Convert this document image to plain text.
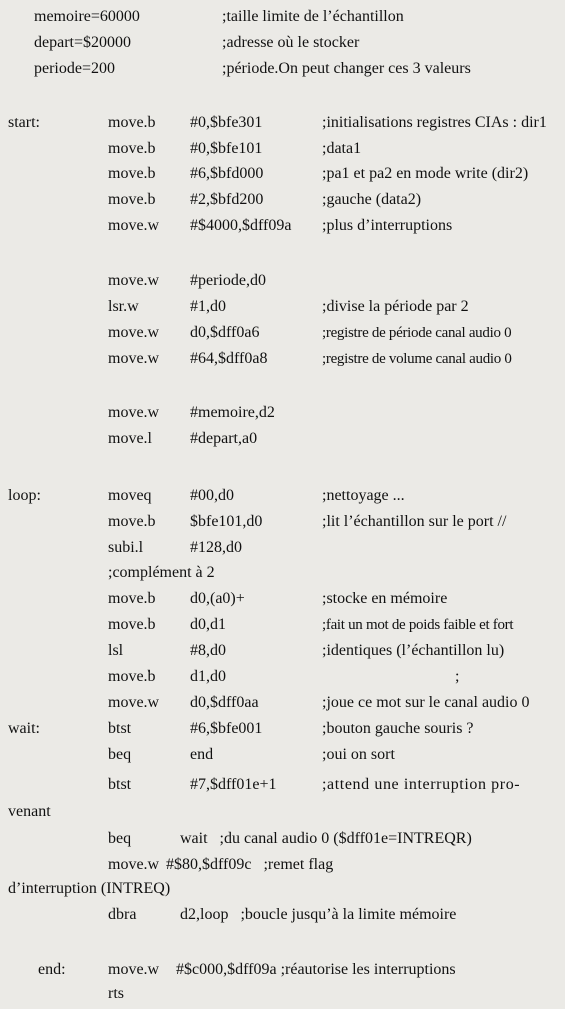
memoire=60000	;taille limite de l’échantillon
depart=$20000	;adresse où le stocker
periode=200	;période.On peut changer ces 3 valeurs
start:	move.b #0,$bfe301	;initialisations registres CIAs : dir1
move.b #0,$bfe101	;data1
move.b #6,$bfd000	;pa1 et pa2 en mode write (dir2)
move.b #2,$bfd200	;gauche (data2)
move.w #$4000,$dff09a ;plus d’interruptions
move.w #periode,d0
lsr.w	#1,d0	;divise la période par 2
move.w d0,$dff0a6	;registre de période canal audio 0
move.w #64,$dff0a8	;registre de volume canal audio 0
move.w #memoire,d2
move.l #depart,a0
loop:	moveq #00,d0	;nettoyage ...
move.b $bfe101,d0	;lit l’échantillon sur le port //
subi.l	#128,d0
;complément à 2
move.b d0,(a0)+	;stocke en mémoire
move.b d0,d1	;fait un mot de poids faible et fort
lsl	#8,d0	;identiques (l’échantillon lu)
move.b d1,d0	;
move.w d0,$dff0aa	;joue ce mot sur le canal audio 0
wait:	btst	#6,$bfe001	;bouton gauche souris ?
beq	end	;oui on sort
btst	#7,$dff01e+1	;attend une interruption pro-
venant
beq	wait   ;du canal audio 0 ($dff01e=INTREQR)
move.w #$80,$dff09c   ;remet flag
d’interruption (INTREQ)
dbra	d2,loop   ;boucle jusqu’à la limite mémoire
end:	move.w #$c000,$dff09a ;réautorise les interruptions
rts
